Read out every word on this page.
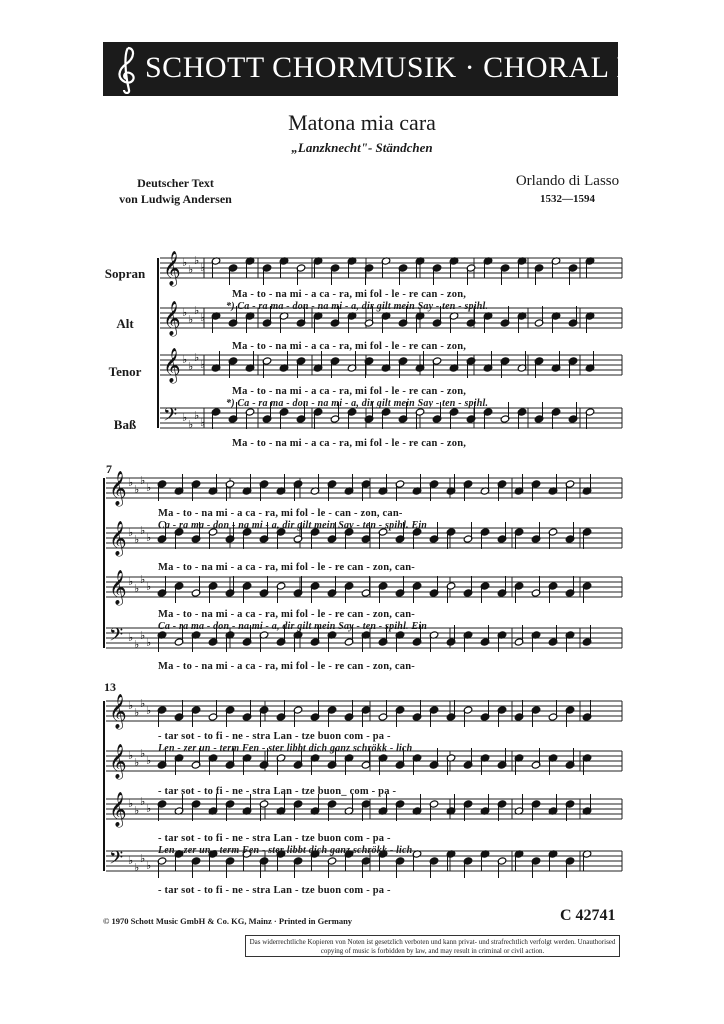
SCHOTT CHORMUSIK · CHORAL MUSIC
Matona mia cara
„Lanzknecht"- Ständchen
Deutscher Text
von Ludwig Andersen
Orlando di Lasso
1532—1594
Sopran
Alt
Tenor
Baß
7
13
𝄞 ♭
♭
♭
♭
𝄞 ♭
♭
♭
♭
𝄞 ♭
♭
♭
♭
𝄢 ♭
♭
♭
♭
𝄞 ♭
♭
♭
♭
𝄞 ♭
♭
♭
♭
𝄞 ♭
♭
♭
♭
𝄢 ♭
♭
♭
♭
𝄞 ♭
♭
♭
♭
𝄞 ♭
♭
♭
♭
𝄞 ♭
♭
♭
♭
𝄢 ♭
♭
♭
♭
Ma - to - na mi - a ca - ra, mi fol - le - re can - zon,
*) Ca - ra ma - don - na mi - a, dir gilt mein Say - ten - spihl.
Ma - to - na mi - a ca - ra, mi fol - le - re can - zon,
Ma - to - na mi - a ca - ra, mi fol - le - re can - zon,
*) Ca - ra ma - don - na mi - a, dir gilt mein Say - ten - spihl.
Ma - to - na mi - a ca - ra, mi fol - le - re can - zon,
Ma - to - na mi - a ca - ra, mi fol - le - can - zon, can-
Ca - ra ma - don - na mi - a, dir gilt mein Say - ten - spihl. Ein
Ma - to - na mi - a ca - ra, mi fol - le - re can - zon, can-
Ma - to - na mi - a ca - ra, mi fol - le - re can - zon, can-
Ca - ra ma - don - na mi - a, dir gilt mein Say - ten - spihl. Ein
Ma - to - na mi - a ca - ra, mi fol - le - re can - zon, can-
- tar sot - to fi - ne - stra Lan - tze buon com - pa -
Len - zer un - term Fen - ster libbt dich ganz schrökk - lich
- tar sot - to fi - ne - stra Lan - tze buon_ com - pa -
- tar sot - to fi - ne - stra Lan - tze buon com - pa -
Len - zer un - term Fen - ster libbt dich ganz schrökk - lich
- tar sot - to fi - ne - stra Lan - tze buon com - pa -
© 1970 Schott Music GmbH & Co. KG, Mainz · Printed in Germany	C 42741
Das widerrechtliche Kopieren von Noten ist gesetzlich verboten und kann privat- und strafrechtlich verfolgt werden. Unauthorised copying of music is forbidden by law, and may result in criminal or civil action.
